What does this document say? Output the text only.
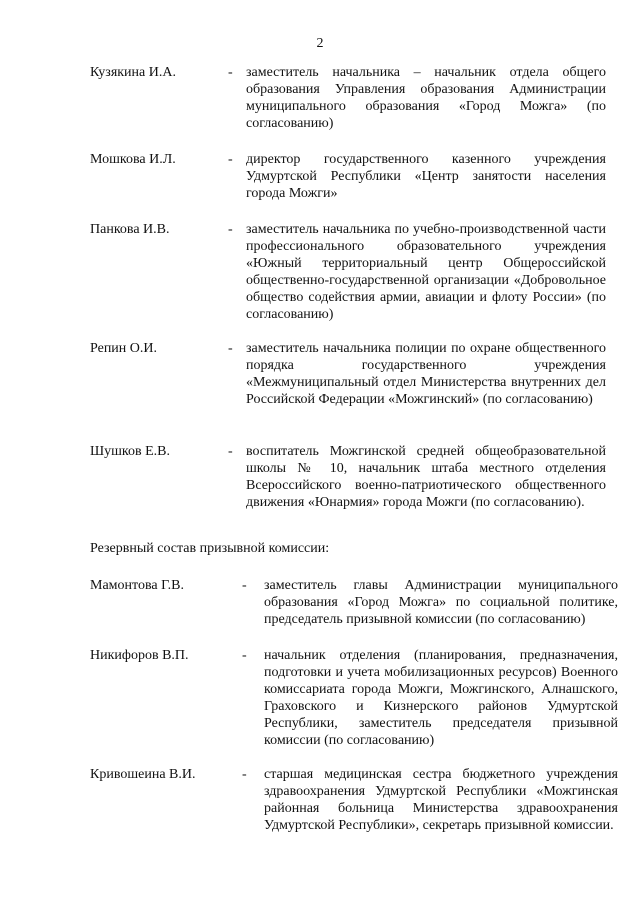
2
Кузякина И.А.	- заместитель начальника – начальник отдела общего образования Управления образования Администрации муниципального образования «Город Можга» (по согласованию)
Мошкова И.Л.	- директор государственного казенного учреждения Удмуртской Республики «Центр занятости населения города Можги»
Панкова И.В.	- заместитель начальника по учебно-производственной части профессионального образовательного учреждения «Южный территориальный центр Общероссийской общественно-государственной организации «Добровольное общество содействия армии, авиации и флоту России» (по согласованию)
Репин О.И.	- заместитель начальника полиции по охране общественного порядка государственного учреждения «Межмуниципальный отдел Министерства внутренних дел Российской Федерации «Можгинский» (по согласованию)
Шушков Е.В.	- воспитатель Можгинской средней общеобразовательной школы № 10, начальник штаба местного отделения Всероссийского военно-патриотического общественного движения «Юнармия» города Можги (по согласованию).
Резервный состав призывной комиссии:
Мамонтова Г.В.	- заместитель главы Администрации муниципального образования «Город Можга» по социальной политике, председатель призывной комиссии (по согласованию)
Никифоров В.П.	- начальник отделения (планирования, предназначения, подготовки и учета мобилизационных ресурсов) Военного комиссариата города Можги, Можгинского, Алнашского, Граховского и Кизнерского районов Удмуртской Республики, заместитель председателя призывной комиссии (по согласованию)
Кривошеина В.И.	- старшая медицинская сестра бюджетного учреждения здравоохранения Удмуртской Республики «Можгинская районная больница Министерства здравоохранения Удмуртской Республики», секретарь призывной комиссии.
